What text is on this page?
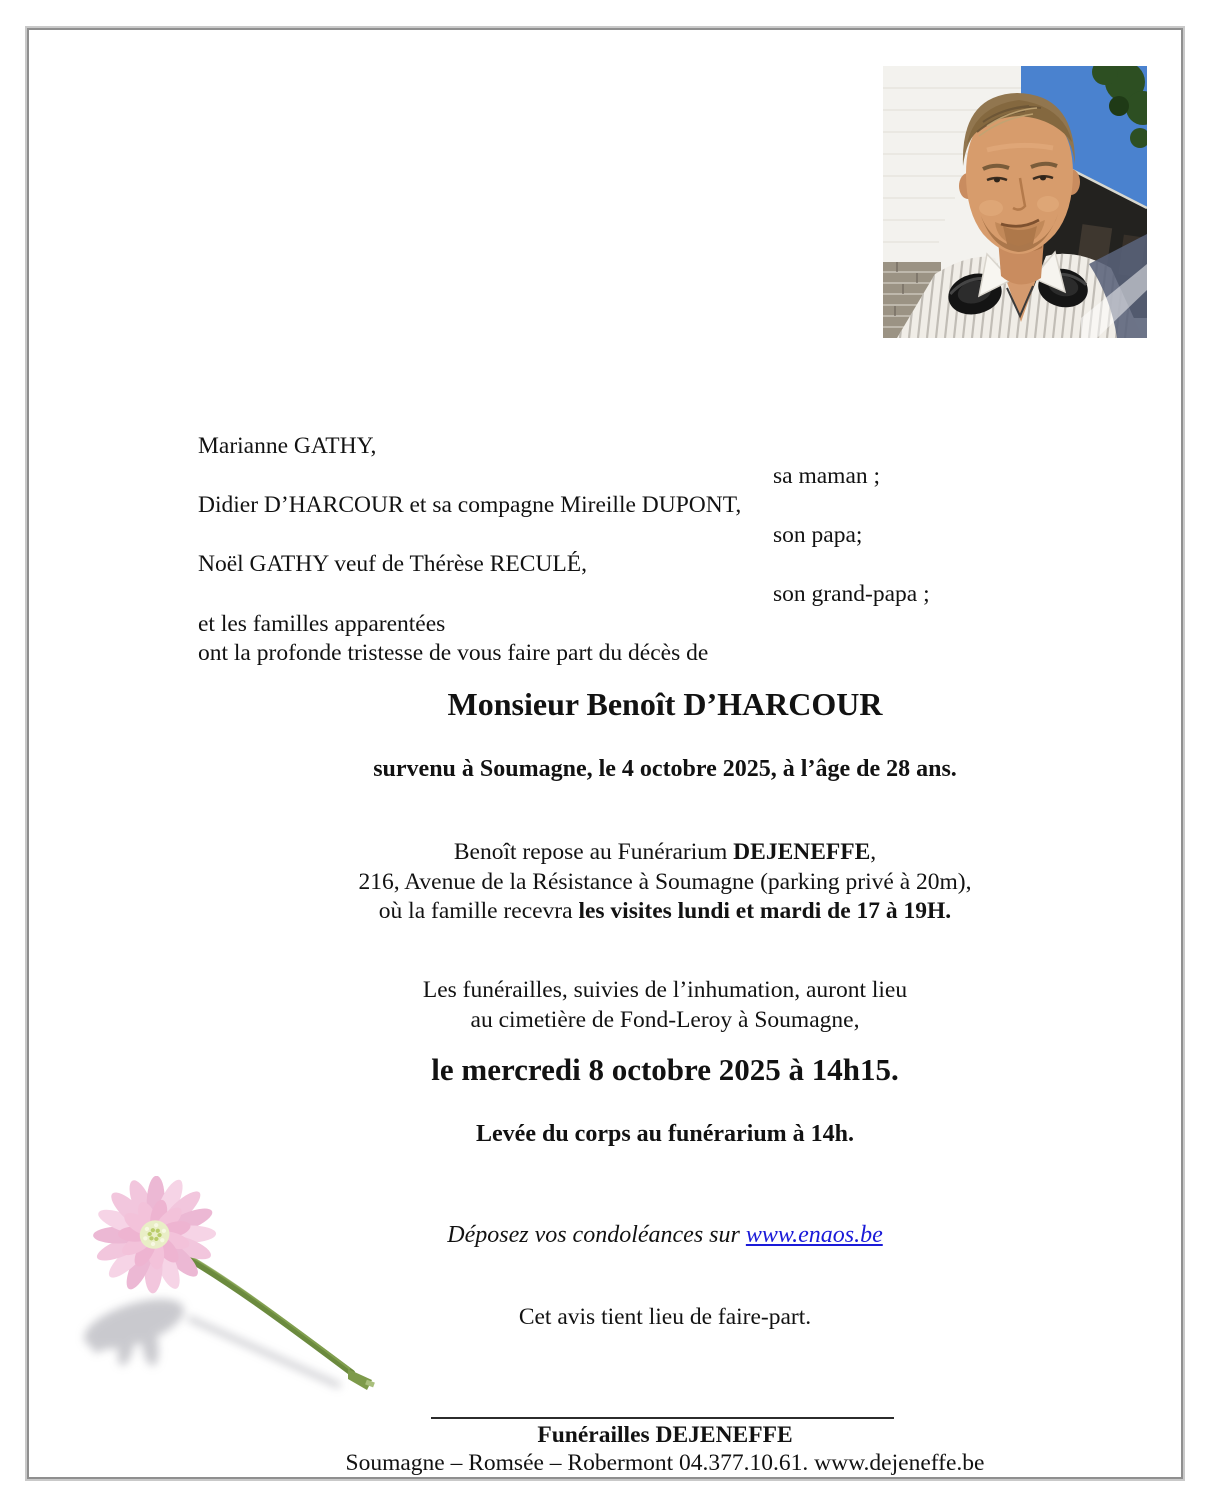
Marianne GATHY,
sa maman ;
Didier D’HARCOUR et sa compagne Mireille DUPONT,
son papa;
Noël GATHY veuf de Thérèse RECULÉ,
son grand-papa ;
et les familles apparentées
ont la profonde tristesse de vous faire part du décès de
Monsieur Benoît D’HARCOUR
survenu à Soumagne, le 4 octobre 2025, à l’âge de 28 ans.
Benoît repose au Funérarium DEJENEFFE,
216, Avenue de la Résistance à Soumagne (parking privé à 20m),
où la famille recevra les visites lundi et mardi de 17 à 19H.
Les funérailles, suivies de l’inhumation, auront lieu
au cimetière de Fond-Leroy à Soumagne,
le mercredi 8 octobre 2025 à 14h15.
Levée du corps au funérarium à 14h.
Déposez vos condoléances sur www.enaos.be
Cet avis tient lieu de faire-part.
Funérailles DEJENEFFE
Soumagne – Romsée – Robermont 04.377.10.61. www.dejeneffe.be
